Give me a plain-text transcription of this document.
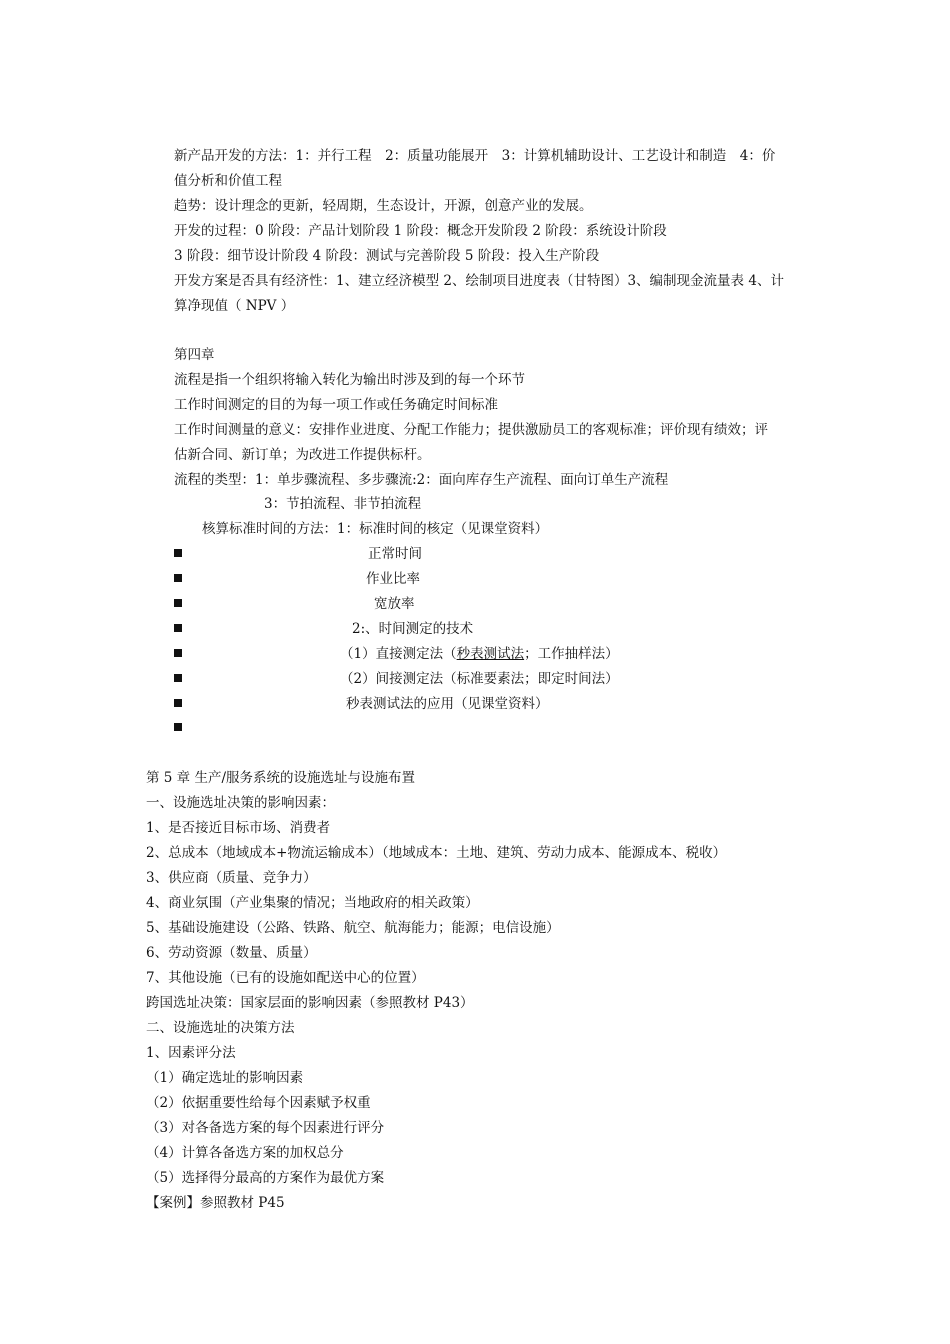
新产品开发的方法：1：并行工程　2：质量功能展开　3：计算机辅助设计、工艺设计和制造　4：价
值分析和价值工程
趋势：设计理念的更新，轻周期，生态设计，开源，创意产业的发展。
开发的过程：0 阶段：产品计划阶段 1 阶段：概念开发阶段 2 阶段：系统设计阶段
3 阶段：细节设计阶段 4 阶段：测试与完善阶段 5 阶段：投入生产阶段
开发方案是否具有经济性：1、建立经济模型 2、绘制项目进度表（甘特图）3、编制现金流量表 4、计
算净现值（ NPV ）
第四章
流程是指一个组织将输入转化为输出时涉及到的每一个环节
工作时间测定的目的为每一项工作或任务确定时间标准
工作时间测量的意义：安排作业进度、分配工作能力；提供激励员工的客观标准；评价现有绩效；评
估新合同、新订单；为改进工作提供标杆。
流程的类型：1：单步骤流程、多步骤流:2：面向库存生产流程、面向订单生产流程
3：节拍流程、非节拍流程
核算标准时间的方法：1：标准时间的核定（见课堂资料）
正常时间
作业比率
宽放率
2:、时间测定的技术
（1）直接测定法（秒表测试法；工作抽样法）
（2）间接测定法（标准要素法；即定时间法）
秒表测试法的应用（见课堂资料）
第 5 章 生产/服务系统的设施选址与设施布置
一、设施选址决策的影响因素：
1、是否接近目标市场、消费者
2、总成本（地域成本+物流运输成本）（地域成本：土地、建筑、劳动力成本、能源成本、税收）
3、供应商（质量、竞争力）
4、商业氛围（产业集聚的情况；当地政府的相关政策）
5、基础设施建设（公路、铁路、航空、航海能力；能源；电信设施）
6、劳动资源（数量、质量）
7、其他设施（已有的设施如配送中心的位置）
跨国选址决策：国家层面的影响因素（参照教材 P43）
二、设施选址的决策方法
1、因素评分法
（1）确定选址的影响因素
（2）依据重要性给每个因素赋予权重
（3）对各备选方案的每个因素进行评分
（4）计算各备选方案的加权总分
（5）选择得分最高的方案作为最优方案
【案例】参照教材 P45
